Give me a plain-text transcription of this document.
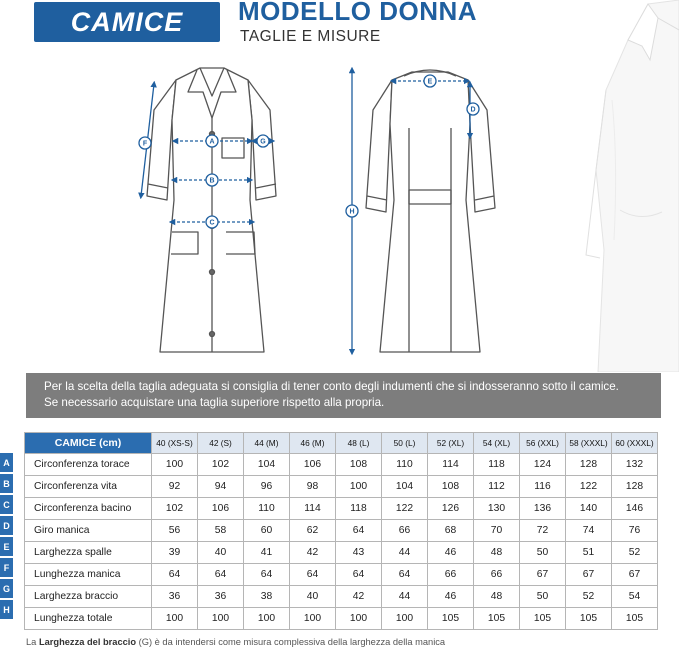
CAMICE	MODELLO DONNA
TAGLIE E MISURE
A
B
C
F	G
E
D
H
Per la scelta della taglia adeguata si consiglia di tener conto degli indumenti che si indosseranno sotto il camice.
Se necessario acquistare una taglia superiore rispetto alla propria.
A
B
C
D
E
F
G
H
CAMICE (cm)	40 (XS-S)	42 (S)	44 (M)	46 (M)	48 (L)	50 (L)	52 (XL)	54 (XL)	56 (XXL)	58 (XXXL)	60 (XXXL)
Circonferenza torace	100	102	104	106	108	110	114	118	124	128	132
Circonferenza vita	92	94	96	98	100	104	108	112	116	122	128
Circonferenza bacino	102	106	110	114	118	122	126	130	136	140	146
Giro manica	56	58	60	62	64	66	68	70	72	74	76
Larghezza spalle	39	40	41	42	43	44	46	48	50	51	52
Lunghezza manica	64	64	64	64	64	64	66	66	67	67	67
Larghezza braccio	36	36	38	40	42	44	46	48	50	52	54
Lunghezza totale	100	100	100	100	100	100	105	105	105	105	105
La Larghezza del braccio (G) è da intendersi come misura complessiva della larghezza della manica
